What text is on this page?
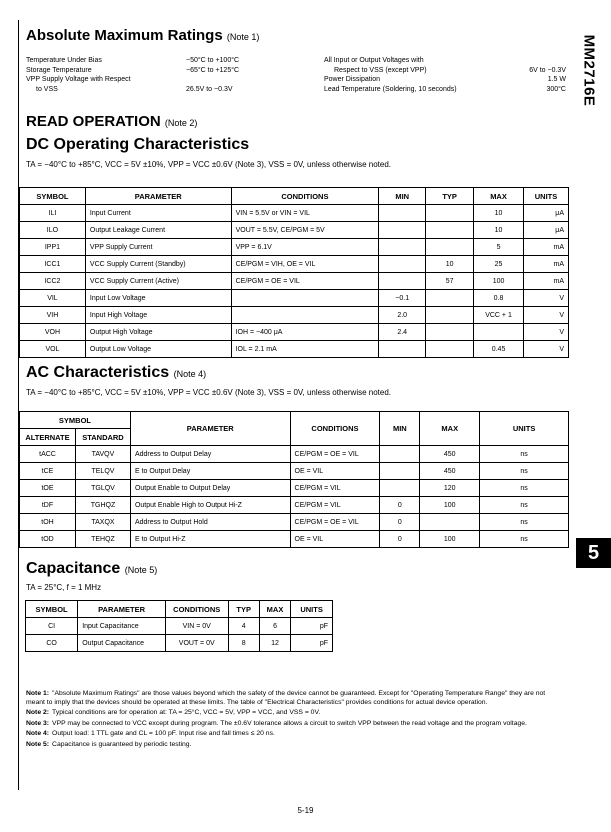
MM2716E
5
Absolute Maximum Ratings (Note 1)
Temperature Under Bias	−50°C to +100°C
Storage Temperature	−65°C to +125°C
VPP Supply Voltage with Respect
to VSS	26.5V to −0.3V
All Input or Output Voltages with
Respect to VSS (except VPP)	6V to −0.3V
Power Dissipation	1.5 W
Lead Temperature (Soldering, 10 seconds)	300°C
READ OPERATION (Note 2)
DC Operating Characteristics
TA = −40°C to +85°C, VCC = 5V ±10%, VPP = VCC ±0.6V (Note 3), VSS = 0V, unless otherwise noted.
SYMBOL	PARAMETER	CONDITIONS	MIN	TYP	MAX	UNITS
ILI	Input Current	VIN = 5.5V or VIN = VIL			10	μA
ILO	Output Leakage Current	VOUT = 5.5V, CE/PGM = 5V			10	μA
IPP1	VPP Supply Current	VPP = 6.1V			5	mA
ICC1	VCC Supply Current (Standby)	CE/PGM = VIH, OE = VIL		10	25	mA
ICC2	VCC Supply Current (Active)	CE/PGM = OE = VIL		57	100	mA
VIL	Input Low Voltage		−0.1		0.8	V
VIH	Input High Voltage		2.0		VCC + 1	V
VOH	Output High Voltage	IOH = −400 μA	2.4			V
VOL	Output Low Voltage	IOL = 2.1 mA			0.45	V
AC Characteristics (Note 4)
TA = −40°C to +85°C, VCC = 5V ±10%, VPP = VCC ±0.6V (Note 3), VSS = 0V, unless otherwise noted.
SYMBOL		PARAMETER	CONDITIONS	MIN	MAX	UNITS
ALTERNATE	STANDARD					
tACC	TAVQV	Address to Output Delay	CE/PGM = OE = VIL		450	ns
tCE	TELQV	E to Output Delay	OE = VIL		450	ns
tOE	TGLQV	Output Enable to Output Delay	CE/PGM = VIL		120	ns
tDF	TGHQZ	Output Enable High to Output Hi-Z	CE/PGM = VIL	0	100	ns
tOH	TAXQX	Address to Output Hold	CE/PGM = OE = VIL	0		ns
tOD	TEHQZ	E to Output Hi-Z	OE = VIL	0	100	ns
Capacitance (Note 5)
TA = 25°C, f = 1 MHz
SYMBOL	PARAMETER	CONDITIONS	TYP	MAX	UNITS
CI	Input Capacitance	VIN = 0V	4	6	pF
CO	Output Capacitance	VOUT = 0V	8	12	pF
Note 1: "Absolute Maximum Ratings" are those values beyond which the safety of the device cannot be guaranteed. Except for "Operating Temperature Range" they are not meant to imply that the devices should be operated at these limits. The table of "Electrical Characteristics" provides conditions for actual device operation.
Note 2: Typical conditions are for operation at: TA = 25°C, VCC = 5V, VPP = VCC, and VSS = 0V.
Note 3: VPP may be connected to VCC except during program. The ±0.6V tolerance allows a circuit to switch VPP between the read voltage and the program voltage.
Note 4: Output load: 1 TTL gate and CL = 100 pF. Input rise and fall times ≤ 20 ns.
Note 5: Capacitance is guaranteed by periodic testing.
5-19
